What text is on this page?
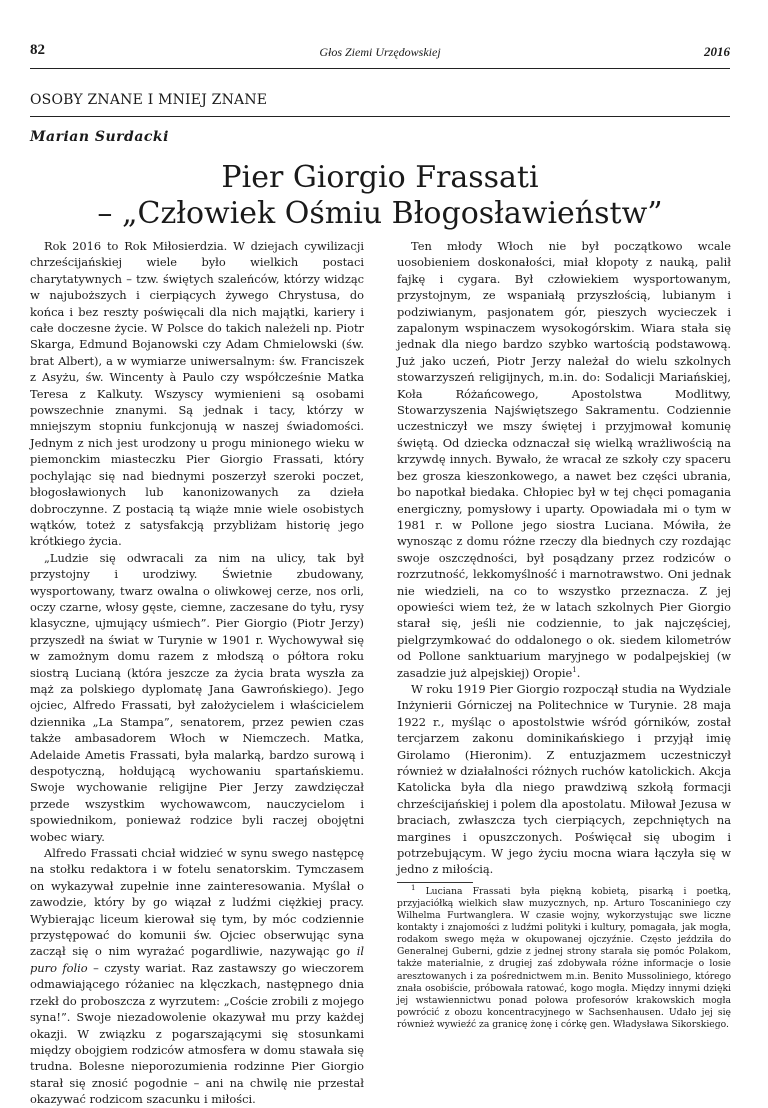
82	Głos Ziemi Urzędowskiej	2016
OSOBY ZNANE I MNIEJ ZNANE
Marian Surdacki
Pier Giorgio Frassati
– „Człowiek Ośmiu Błogosławieństw”

Rok 2016 to Rok Miłosierdzia. W dziejach cywilizacji chrześcijańskiej wiele było wielkich postaci charytatywnych – tzw. świętych szaleńców, którzy widząc w najuboższych i cierpiących żywego Chrystusa, do końca i bez reszty poświęcali dla nich majątki, kariery i całe doczesne życie. W Polsce do takich należeli np. Piotr Skarga, Edmund Bojanowski czy Adam Chmielowski (św. brat Albert), a w wymiarze uniwersalnym: św. Franciszek z Asyżu, św. Wincenty à Paulo czy współcześnie Matka Teresa z Kalkuty. Wszyscy wymienieni są osobami powszechnie znanymi. Są jednak i tacy, którzy w mniejszym stopniu funkcjonują w naszej świadomości. Jednym z nich jest urodzony u progu minionego wieku w piemonckim miasteczku Pier Giorgio Frassati, który pochylając się nad biednymi poszerzył szeroki poczet, błogosławionych lub kanonizowanych za dzieła dobroczynne. Z postacią tą wiąże mnie wiele osobistych wątków, toteż z satysfakcją przybliżam historię jego krótkiego życia.

„Ludzie się odwracali za nim na ulicy, tak był przystojny i urodziwy. Świetnie zbudowany, wysportowany, twarz owalna o oliwkowej cerze, nos orli, oczy czarne, włosy gęste, ciemne, zaczesane do tyłu, rysy klasyczne, ujmujący uśmiech”. Pier Giorgio (Piotr Jerzy) przyszedł na świat w Turynie w 1901 r. Wychowywał się w zamożnym domu razem z młodszą o półtora roku siostrą Lucianą (która jeszcze za życia brata wyszła za mąż za polskiego dyplomatę Jana Gawrońskiego). Jego ojciec, Alfredo Frassati, był założycielem i właścicielem dziennika „La Stampa”, senatorem, przez pewien czas także ambasadorem Włoch w Niemczech. Matka, Adelaide Ametis Frassati, była malarką, bardzo surową i despotyczną, hołdującą wychowaniu spartańskiemu. Swoje wychowanie religijne Pier Jerzy zawdzięczał przede wszystkim wychowawcom, nauczycielom i spowiednikom, ponieważ rodzice byli raczej obojętni wobec wiary.

Alfredo Frassati chciał widzieć w synu swego następcę na stołku redaktora i w fotelu senatorskim. Tymczasem on wykazywał zupełnie inne zainteresowania. Myślał o zawodzie, który by go wiązał z ludźmi ciężkiej pracy. Wybierając liceum kierował się tym, by móc codziennie przystępować do komunii św. Ojciec obserwując syna zaczął się o nim wyrażać pogardliwie, nazywając go il puro folio – czysty wariat. Raz zastawszy go wieczorem odmawiającego różaniec na klęczkach, następnego dnia rzekł do proboszcza z wyrzutem: „Coście zrobili z mojego syna!”. Swoje niezadowolenie okazywał mu przy każdej okazji. W związku z pogarszającymi się stosunkami między obojgiem rodziców atmosfera w domu stawała się trudna. Bolesne nieporozumienia rodzinne Pier Giorgio starał się znosić pogodnie – ani na chwilę nie przestał okazywać rodzicom szacunku i miłości.

Ten młody Włoch nie był początkowo wcale uosobieniem doskonałości, miał kłopoty z nauką, palił fajkę i cygara. Był człowiekiem wysportowanym, przystojnym, ze wspaniałą przyszłością, lubianym i podziwianym, pasjonatem gór, pieszych wycieczek i zapalonym wspinaczem wysokogórskim. Wiara stała się jednak dla niego bardzo szybko wartością podstawową. Już jako uczeń, Piotr Jerzy należał do wielu szkolnych stowarzyszeń religijnych, m.in. do: Sodalicji Mariańskiej, Koła Różańcowego, Apostolstwa Modlitwy, Stowarzyszenia Najświętszego Sakramentu. Codziennie uczestniczył we mszy świętej i przyjmował komunię świętą. Od dziecka odznaczał się wielką wrażliwością na krzywdę innych. Bywało, że wracał ze szkoły czy spaceru bez grosza kieszonkowego, a nawet bez części ubrania, bo napotkał biedaka. Chłopiec był w tej chęci pomagania energiczny, pomysłowy i uparty. Opowiadała mi o tym w 1981 r. w Pollone jego siostra Luciana. Mówiła, że wynosząc z domu różne rzeczy dla biednych czy rozdając swoje oszczędności, był posądzany przez rodziców o rozrzutność, lekkomyślność i marnotrawstwo. Oni jednak nie wiedzieli, na co to wszystko przeznacza. Z jej opowieści wiem też, że w latach szkolnych Pier Giorgio starał się, jeśli nie codziennie, to jak najczęściej, pielgrzymkować do oddalonego o ok. siedem kilometrów od Pollone sanktuarium maryjnego w podalpejskiej (w zasadzie już alpejskiej) Oropie$^1$.

W roku 1919 Pier Giorgio rozpoczął studia na Wydziale Inżynierii Górniczej na Politechnice w Turynie. 28 maja 1922 r., myśląc o apostolstwie wśród górników, został tercjarzem zakonu dominikańskiego i przyjął imię Girolamo (Hieronim). Z entuzjazmem uczestniczył również w działalności różnych ruchów katolickich. Akcja Katolicka była dla niego prawdziwą szkołą formacji chrześcijańskiej i polem dla apostolatu. Miłował Jezusa w braciach, zwłaszcza tych cierpiących, zepchniętych na margines i opuszczonych. Poświęcał się ubogim i potrzebującym. W jego życiu mocna wiara łączyła się w jedno z miłością.

$^1$ Luciana Frassati była piękną kobietą, pisarką i poetką, przyjaciółką wielkich sław muzycznych, np. Arturo Toscaniniego czy Wilhelma Furtwanglera. W czasie wojny, wykorzystując swe liczne kontakty i znajomości z ludźmi polityki i kultury, pomagała, jak mogła, rodakom swego męża w okupowanej ojczyźnie. Często jeździła do Generalnej Guberni, gdzie z jednej strony starała się pomóc Polakom, także materialnie, z drugiej zaś zdobywała różne informacje o losie aresztowanych i za pośrednictwem m.in. Benito Mussoliniego, którego znała osobiście, próbowała ratować, kogo mogła. Między innymi dzięki jej wstawiennictwu ponad połowa profesorów krakowskich mogła powrócić z obozu koncentracyjnego w Sachsenhausen. Udało jej się również wywieźć za granicę żonę i córkę gen. Władysława Sikorskiego.
